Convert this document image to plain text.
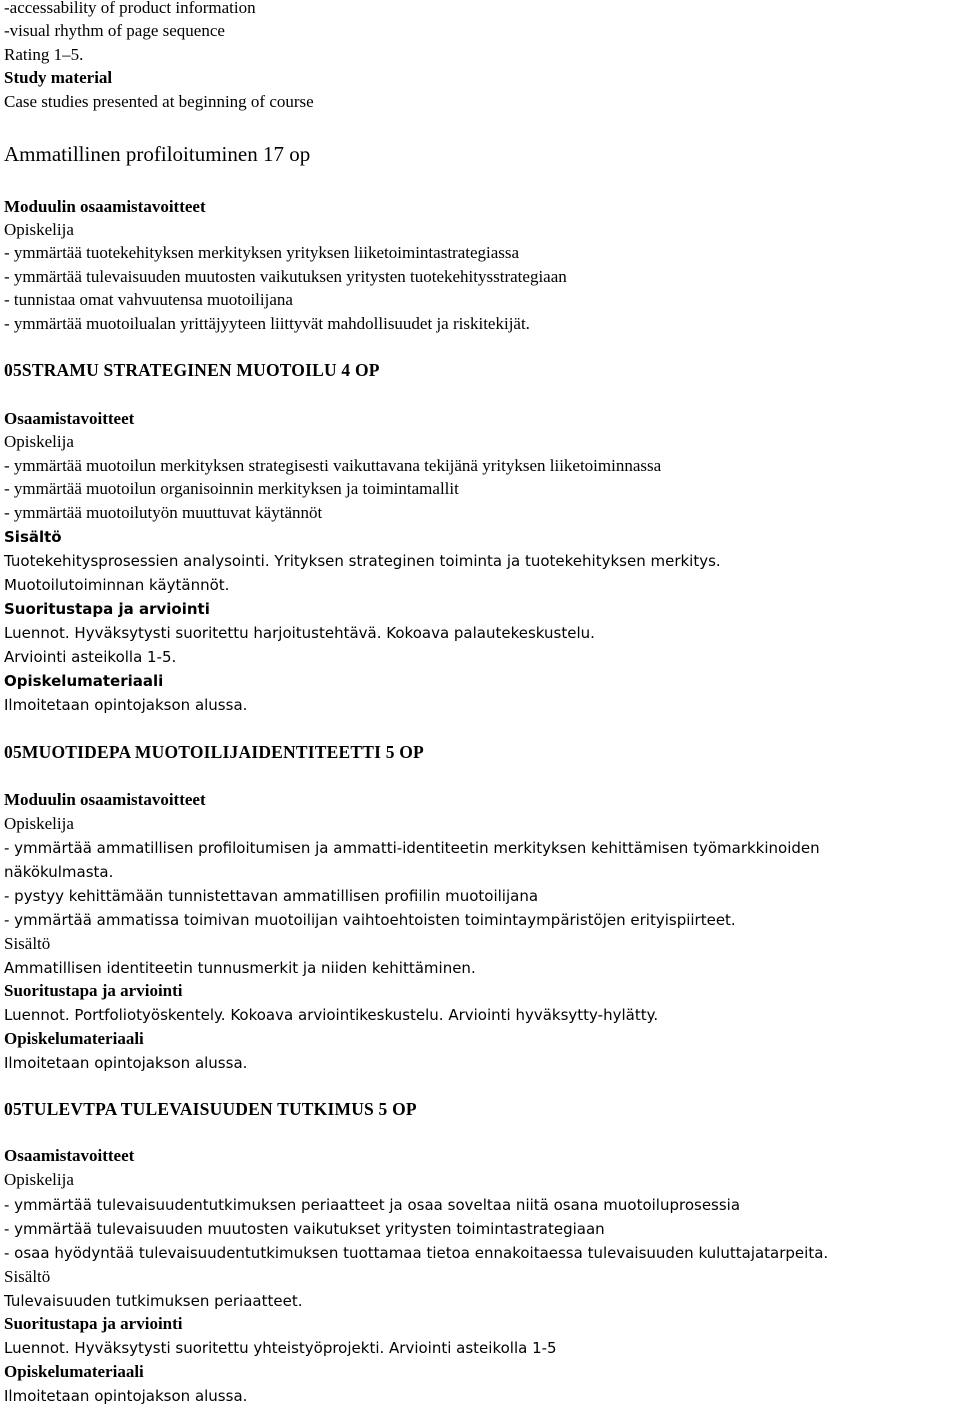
-accessability of product information

-visual rhythm of page sequence

Rating 1–5.

Study material

Case studies presented at beginning of course

Ammatillinen profiloituminen 17 op

Moduulin osaamistavoitteet

Opiskelija

- ymmärtää tuotekehityksen merkityksen yrityksen liiketoimintastrategiassa

- ymmärtää tulevaisuuden muutosten vaikutuksen yritysten tuotekehitysstrategiaan

- tunnistaa omat vahvuutensa muotoilijana

- ymmärtää muotoilualan yrittäjyyteen liittyvät mahdollisuudet ja riskitekijät.

05STRAMU STRATEGINEN MUOTOILU 4 OP

Osaamistavoitteet

Opiskelija

- ymmärtää muotoilun merkityksen strategisesti vaikuttavana tekijänä yrityksen liiketoiminnassa

- ymmärtää muotoilun organisoinnin merkityksen ja toimintamallit

- ymmärtää muotoilutyön muuttuvat käytännöt

Sisältö

Tuotekehitysprosessien analysointi. Yrityksen strateginen toiminta ja tuotekehityksen merkitys.

Muotoilutoiminnan käytännöt.

Suoritustapa ja arviointi

Luennot. Hyväksytysti suoritettu harjoitustehtävä. Kokoava palautekeskustelu.

Arviointi asteikolla 1-5.

Opiskelumateriaali

Ilmoitetaan opintojakson alussa.

05MUOTIDEPA MUOTOILIJAIDENTITEETTI 5 OP

Moduulin osaamistavoitteet

Opiskelija

- ymmärtää ammatillisen profiloitumisen ja ammatti-identiteetin merkityksen kehittämisen työmarkkinoiden

näkökulmasta.

- pystyy kehittämään tunnistettavan ammatillisen profiilin muotoilijana

- ymmärtää ammatissa toimivan muotoilijan vaihtoehtoisten toimintaympäristöjen erityispiirteet.

Sisältö

Ammatillisen identiteetin tunnusmerkit ja niiden kehittäminen.

Suoritustapa ja arviointi

Luennot. Portfoliotyöskentely. Kokoava arviointikeskustelu. Arviointi hyväksytty-hylätty.

Opiskelumateriaali

Ilmoitetaan opintojakson alussa.

05TULEVTPA TULEVAISUUDEN TUTKIMUS 5 OP

Osaamistavoitteet

Opiskelija

- ymmärtää tulevaisuudentutkimuksen periaatteet ja osaa soveltaa niitä osana muotoiluprosessia

- ymmärtää tulevaisuuden muutosten vaikutukset yritysten toimintastrategiaan

- osaa hyödyntää tulevaisuudentutkimuksen tuottamaa tietoa ennakoitaessa tulevaisuuden kuluttajatarpeita.

Sisältö

Tulevaisuuden tutkimuksen periaatteet.

Suoritustapa ja arviointi

Luennot. Hyväksytysti suoritettu yhteistyöprojekti. Arviointi asteikolla 1-5

Opiskelumateriaali

Ilmoitetaan opintojakson alussa.
